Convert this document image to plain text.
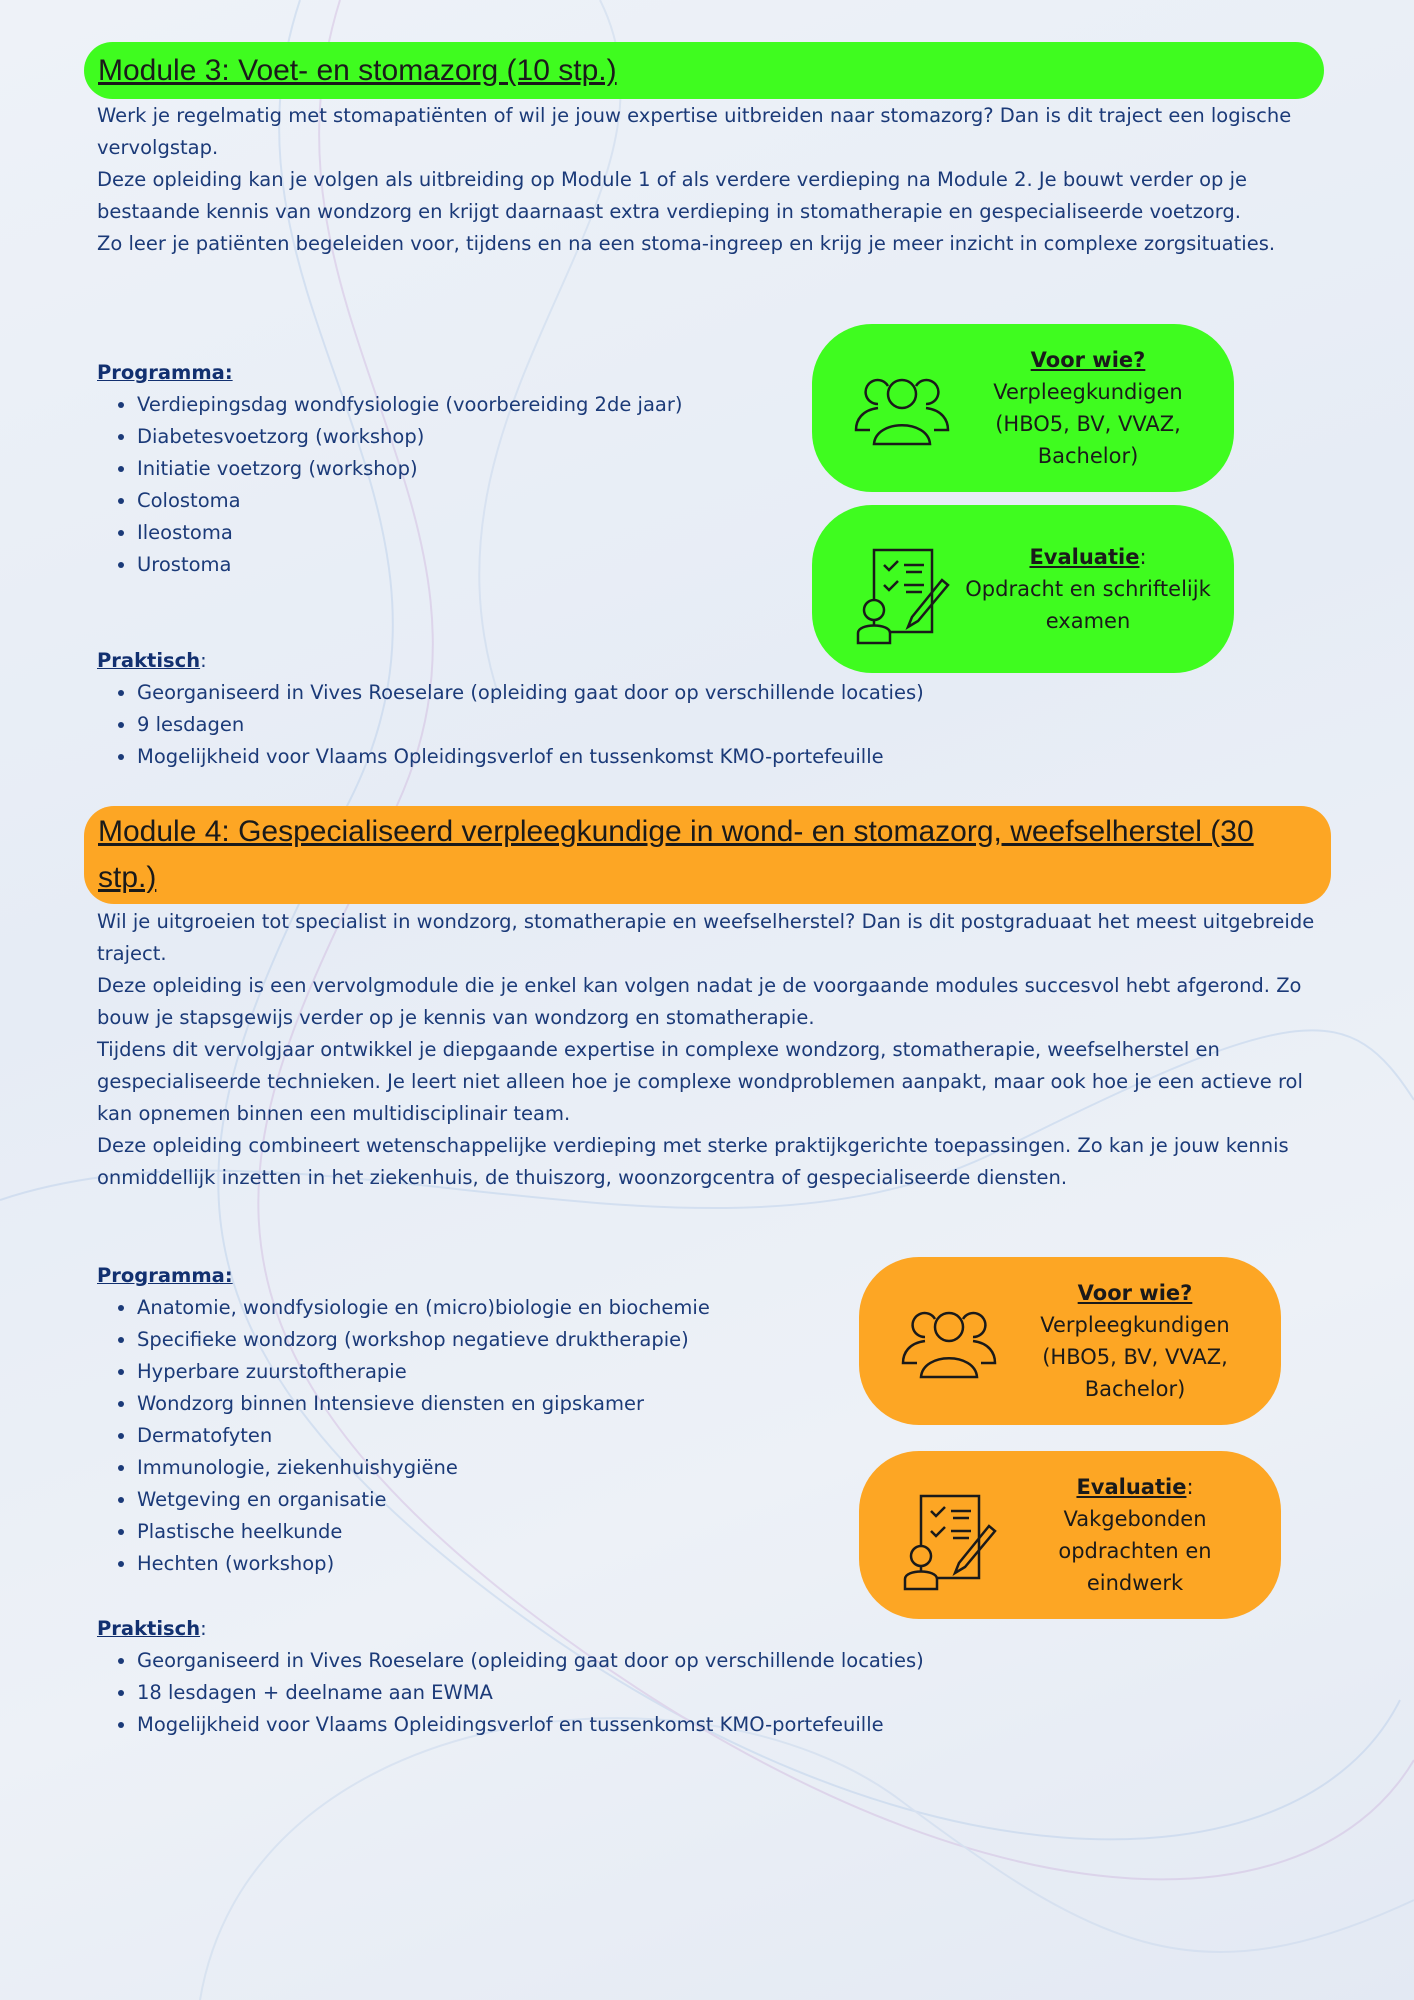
Module 3: Voet- en stomazorg (10 stp.)

Werk je regelmatig met stomapatiënten of wil je jouw expertise uitbreiden naar stomazorg? Dan is dit traject een logische vervolgstap.

Deze opleiding kan je volgen als uitbreiding op Module 1 of als verdere verdieping na Module 2. Je bouwt verder op je bestaande kennis van wondzorg en krijgt daarnaast extra verdieping in stomatherapie en gespecialiseerde voetzorg.

Zo leer je patiënten begeleiden voor, tijdens en na een stoma-ingreep en krijg je meer inzicht in complexe zorgsituaties.

Programma:
• Verdiepingsdag wondfysiologie (voorbereiding 2de jaar)
• Diabetesvoetzorg (workshop)
• Initiatie voetzorg (workshop)
• Colostoma
• Ileostoma
• Urostoma
Praktisch:
• Georganiseerd in Vives Roeselare (opleiding gaat door op verschillende locaties)
• 9 lesdagen
• Mogelijkheid voor Vlaams Opleidingsverlof en tussenkomst KMO-portefeuille
Voor wie?
Verpleegkundigen (HBO5, BV, VVAZ, Bachelor)
Evaluatie:
Opdracht en schriftelijk examen
Module 4: Gespecialiseerd verpleegkundige in wond- en stomazorg, weefselherstel (30 stp.)

Wil je uitgroeien tot specialist in wondzorg, stomatherapie en weefselherstel? Dan is dit postgraduaat het meest uitgebreide traject.

Deze opleiding is een vervolgmodule die je enkel kan volgen nadat je de voorgaande modules succesvol hebt afgerond. Zo bouw je stapsgewijs verder op je kennis van wondzorg en stomatherapie.

Tijdens dit vervolgjaar ontwikkel je diepgaande expertise in complexe wondzorg, stomatherapie, weefselherstel en gespecialiseerde technieken. Je leert niet alleen hoe je complexe wondproblemen aanpakt, maar ook hoe je een actieve rol kan opnemen binnen een multidisciplinair team.

Deze opleiding combineert wetenschappelijke verdieping met sterke praktijkgerichte toepassingen. Zo kan je jouw kennis onmiddellijk inzetten in het ziekenhuis, de thuiszorg, woonzorgcentra of gespecialiseerde diensten.

Programma:
• Anatomie, wondfysiologie en (micro)biologie en biochemie
• Specifieke wondzorg (workshop negatieve druktherapie)
• Hyperbare zuurstoftherapie
• Wondzorg binnen Intensieve diensten en gipskamer
• Dermatofyten
• Immunologie, ziekenhuishygiëne
• Wetgeving en organisatie
• Plastische heelkunde
• Hechten (workshop)
Praktisch:
• Georganiseerd in Vives Roeselare (opleiding gaat door op verschillende locaties)
• 18 lesdagen + deelname aan EWMA
• Mogelijkheid voor Vlaams Opleidingsverlof en tussenkomst KMO-portefeuille
Voor wie?
Verpleegkundigen (HBO5, BV, VVAZ, Bachelor)
Evaluatie:
Vakgebonden opdrachten en eindwerk
